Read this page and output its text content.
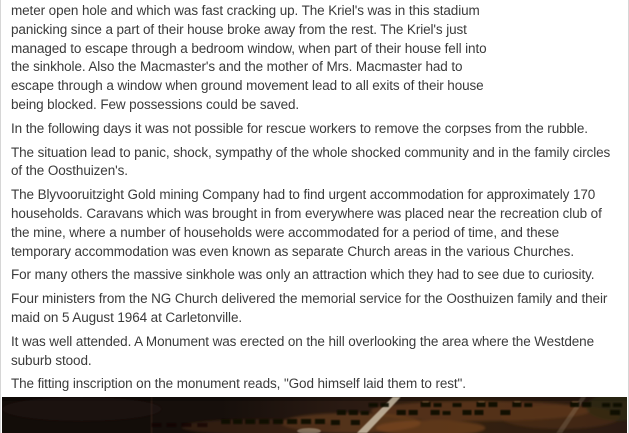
meter open hole and which was fast cracking up. The Kriel's was in this stadium panicking since a part of their house broke away from the rest. The Kriel's just managed to escape through a bedroom window, when part of their house fell into the sinkhole. Also the Macmaster's and the mother of Mrs. Macmaster had to escape through a window when ground movement lead to all exits of their house being blocked. Few possessions could be saved.

In the following days it was not possible for rescue workers to remove the corpses from the rubble.

The situation lead to panic, shock, sympathy of the whole shocked community and in the family circles of the Oosthuizen's.

The Blyvooruitzight Gold mining Company had to find urgent accommodation for approximately 170 households. Caravans which was brought in from everywhere was placed near the recreation club of the mine, where a number of households were accommodated for a period of time, and these temporary accommodation was even known as separate Church areas in the various Churches.

For many others the massive sinkhole was only an attraction which they had to see due to curiosity.

Four ministers from the NG Church delivered the memorial service for the Oosthuizen family and their maid on 5 August 1964 at Carletonville.

It was well attended. A Monument was erected on the hill overlooking the area where the Westdene suburb stood.

The fitting inscription on the monument reads, "God himself laid them to rest".
